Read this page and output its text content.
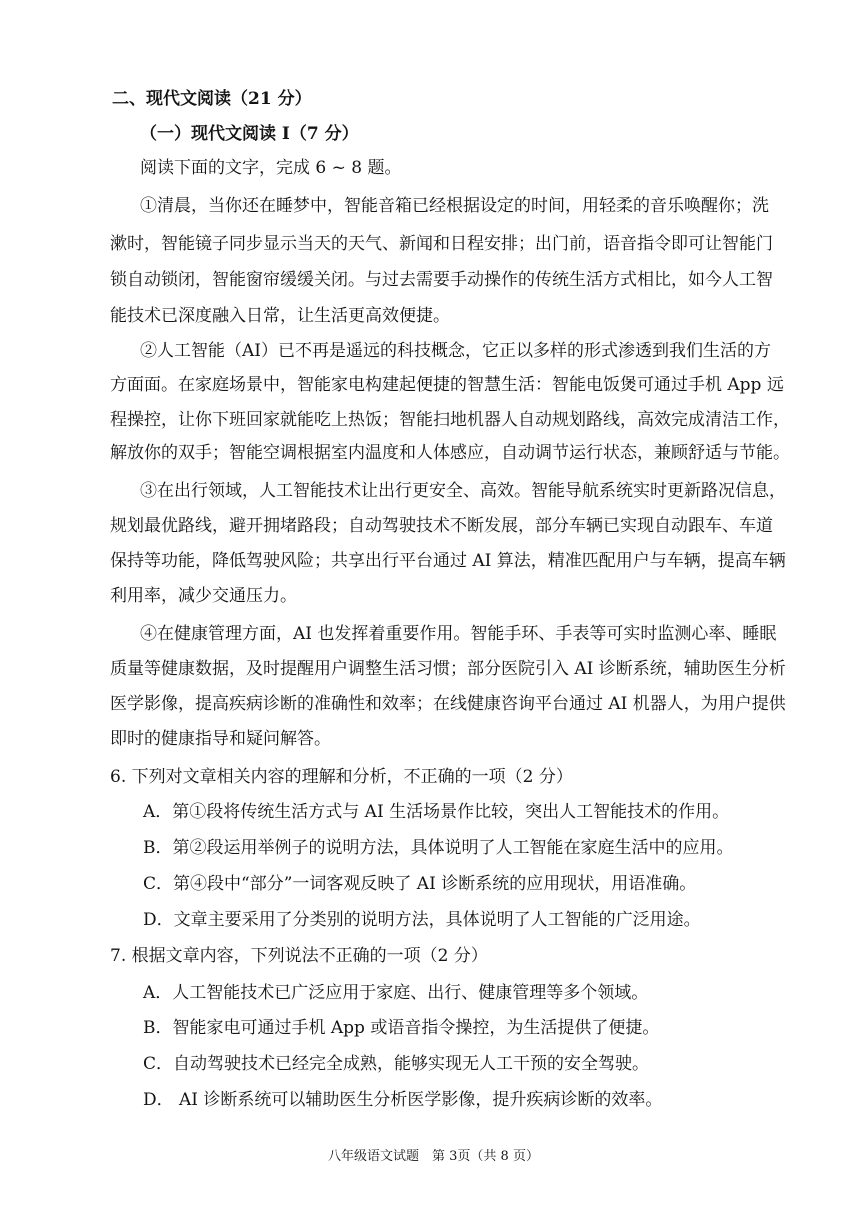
二、现代文阅读（21 分）
（一）现代文阅读 I（7 分）
阅读下面的文字，完成 6 ~ 8 题。
①清晨，当你还在睡梦中，智能音箱已经根据设定的时间，用轻柔的音乐唤醒你；洗
漱时，智能镜子同步显示当天的天气、新闻和日程安排；出门前，语音指令即可让智能门
锁自动锁闭，智能窗帘缓缓关闭。与过去需要手动操作的传统生活方式相比，如今人工智
能技术已深度融入日常，让生活更高效便捷。
②人工智能（AI）已不再是遥远的科技概念，它正以多样的形式渗透到我们生活的方
方面面。在家庭场景中，智能家电构建起便捷的智慧生活：智能电饭煲可通过手机 App 远
程操控，让你下班回家就能吃上热饭；智能扫地机器人自动规划路线，高效完成清洁工作，
解放你的双手；智能空调根据室内温度和人体感应，自动调节运行状态，兼顾舒适与节能。
③在出行领域，人工智能技术让出行更安全、高效。智能导航系统实时更新路况信息，
规划最优路线，避开拥堵路段；自动驾驶技术不断发展，部分车辆已实现自动跟车、车道
保持等功能，降低驾驶风险；共享出行平台通过 AI 算法，精准匹配用户与车辆，提高车辆
利用率，减少交通压力。
④在健康管理方面，AI 也发挥着重要作用。智能手环、手表等可实时监测心率、睡眠
质量等健康数据，及时提醒用户调整生活习惯；部分医院引入 AI 诊断系统，辅助医生分析
医学影像，提高疾病诊断的准确性和效率；在线健康咨询平台通过 AI 机器人，为用户提供
即时的健康指导和疑问解答。
6. 下列对文章相关内容的理解和分析，不正确的一项（2 分）
A．第①段将传统生活方式与 AI 生活场景作比较，突出人工智能技术的作用。
B．第②段运用举例子的说明方法，具体说明了人工智能在家庭生活中的应用。
C．第④段中“部分”一词客观反映了 AI 诊断系统的应用现状，用语准确。
D．文章主要采用了分类别的说明方法，具体说明了人工智能的广泛用途。
7. 根据文章内容，下列说法不正确的一项（2 分）
A．人工智能技术已广泛应用于家庭、出行、健康管理等多个领域。
B．智能家电可通过手机 App 或语音指令操控，为生活提供了便捷。
C．自动驾驶技术已经完全成熟，能够实现无人工干预的安全驾驶。
D． AI 诊断系统可以辅助医生分析医学影像，提升疾病诊断的效率。
八年级语文试题　第 3页（共 8 页）
